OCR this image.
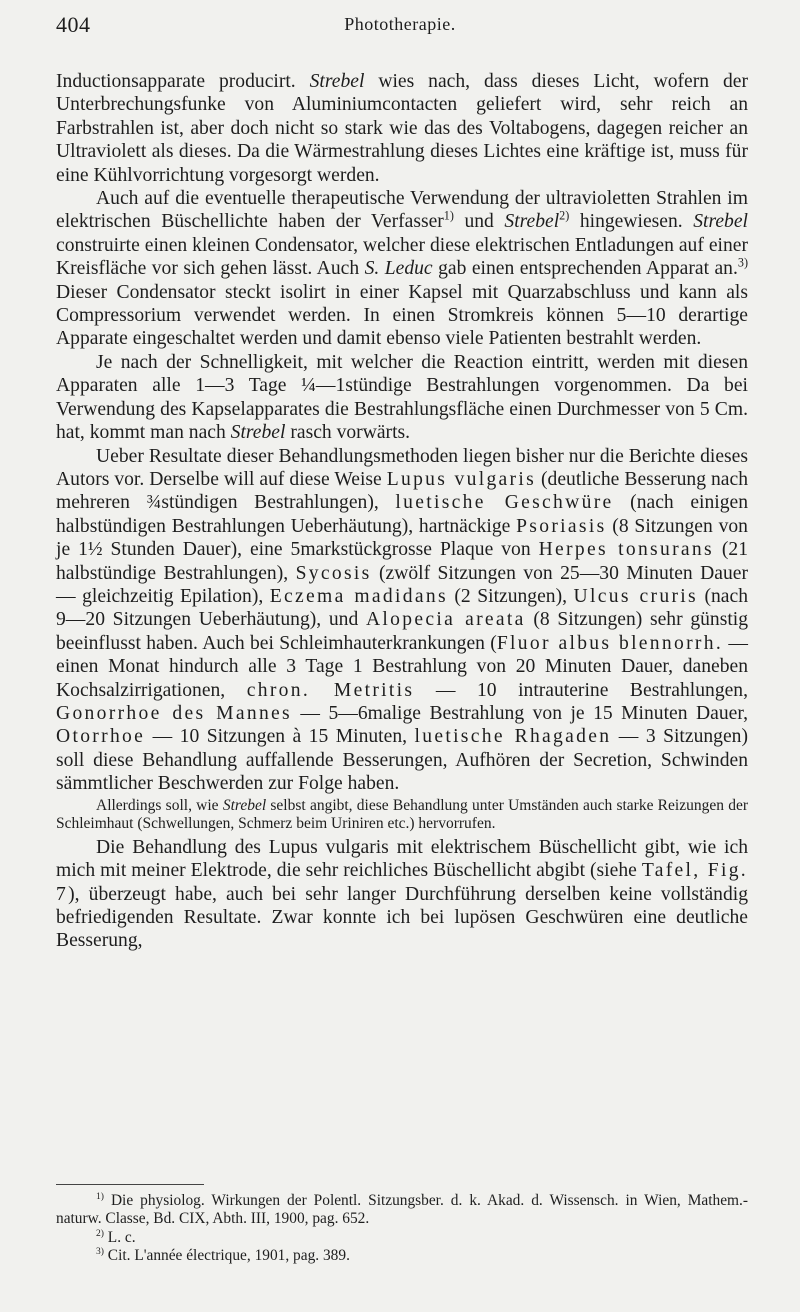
404	Phototherapie.

Inductionsapparate producirt. Strebel wies nach, dass dieses Licht, wofern der Unterbrechungsfunke von Aluminiumcontacten geliefert wird, sehr reich an Farbstrahlen ist, aber doch nicht so stark wie das des Voltabogens, dagegen reicher an Ultraviolett als dieses. Da die Wärmestrahlung dieses Lichtes eine kräftige ist, muss für eine Kühlvorrichtung vorgesorgt werden.

Auch auf die eventuelle therapeutische Verwendung der ultravioletten Strahlen im elektrischen Büschellichte haben der Verfasser$^{1)}$ und Strebel$^{2)}$ hingewiesen. Strebel construirte einen kleinen Condensator, welcher diese elektrischen Entladungen auf einer Kreisfläche vor sich gehen lässt. Auch S. Leduc gab einen entsprechenden Apparat an.$^{3)}$ Dieser Condensator steckt isolirt in einer Kapsel mit Quarzabschluss und kann als Compressorium verwendet werden. In einen Stromkreis können 5—10 derartige Apparate eingeschaltet werden und damit ebenso viele Patienten bestrahlt werden.

Je nach der Schnelligkeit, mit welcher die Reaction eintritt, werden mit diesen Apparaten alle 1—3 Tage ¼—1stündige Bestrahlungen vorgenommen. Da bei Verwendung des Kapselapparates die Bestrahlungsfläche einen Durchmesser von 5 Cm. hat, kommt man nach Strebel rasch vorwärts.

Ueber Resultate dieser Behandlungsmethoden liegen bisher nur die Berichte dieses Autors vor. Derselbe will auf diese Weise Lupus vulgaris (deutliche Besserung nach mehreren ¾stündigen Bestrahlungen), luetische Geschwüre (nach einigen halbstündigen Bestrahlungen Ueberhäutung), hartnäckige Psoriasis (8 Sitzungen von je 1½ Stunden Dauer), eine 5markstückgrosse Plaque von Herpes tonsurans (21 halbstündige Bestrahlungen), Sycosis (zwölf Sitzungen von 25—30 Minuten Dauer — gleichzeitig Epilation), Eczema madidans (2 Sitzungen), Ulcus cruris (nach 9—20 Sitzungen Ueberhäutung), und Alopecia areata (8 Sitzungen) sehr günstig beeinflusst haben. Auch bei Schleimhauterkrankungen (Fluor albus blennorrh. — einen Monat hindurch alle 3 Tage 1 Bestrahlung von 20 Minuten Dauer, daneben Kochsalzirrigationen, chron. Metritis — 10 intrauterine Bestrahlungen, Gonorrhoe des Mannes — 5—6malige Bestrahlung von je 15 Minuten Dauer, Otorrhoe — 10 Sitzungen à 15 Minuten, luetische Rhagaden — 3 Sitzungen) soll diese Behandlung auffallende Besserungen, Aufhören der Secretion, Schwinden sämmtlicher Beschwerden zur Folge haben.

Allerdings soll, wie Strebel selbst angibt, diese Behandlung unter Umständen auch starke Reizungen der Schleimhaut (Schwellungen, Schmerz beim Uriniren etc.) hervorrufen.

Die Behandlung des Lupus vulgaris mit elektrischem Büschellicht gibt, wie ich mich mit meiner Elektrode, die sehr reichliches Büschellicht abgibt (siehe Tafel, Fig. 7), überzeugt habe, auch bei sehr langer Durchführung derselben keine vollständig befriedigenden Resultate. Zwar konnte ich bei lupösen Geschwüren eine deutliche Besserung,

$^{1)}$ Die physiolog. Wirkungen der Polentl. Sitzungsber. d. k. Akad. d. Wissensch. in Wien, Mathem.-naturw. Classe, Bd. CIX, Abth. III, 1900, pag. 652.

$^{2)}$ L. c.

$^{3)}$ Cit. L'année électrique, 1901, pag. 389.
